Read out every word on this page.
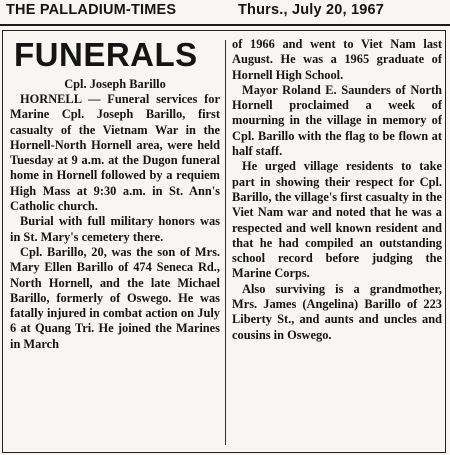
THE PALLADIUM-TIMES	Thurs., July 20, 1967
FUNERALS
Cpl. Joseph Barillo

HORNELL — Funeral services for Marine Cpl. Joseph Barillo, first casualty of the Vietnam War in the Hornell-North Hornell area, were held Tuesday at 9 a.m. at the Dugon funeral home in Hornell followed by a requiem High Mass at 9:30 a.m. in St. Ann's Catholic church.

Burial with full military honors was in St. Mary's cemetery there.

Cpl. Barillo, 20, was the son of Mrs. Mary Ellen Barillo of 474 Seneca Rd., North Hornell, and the late Michael Barillo, formerly of Oswego. He was fatally injured in combat action on July 6 at Quang Tri. He joined the Marines in March

of 1966 and went to Viet Nam last August. He was a 1965 graduate of Hornell High School.

Mayor Roland E. Saunders of North Hornell proclaimed a week of mourning in the village in memory of Cpl. Barillo with the flag to be flown at half staff.

He urged village residents to take part in showing their respect for Cpl. Barillo, the village's first casualty in the Viet Nam war and noted that he was a respected and well known resident and that he had compiled an outstanding school record before judging the Marine Corps.

Also surviving is a grandmother, Mrs. James (Angelina) Barillo of 223 Liberty St., and aunts and uncles and cousins in Oswego.
